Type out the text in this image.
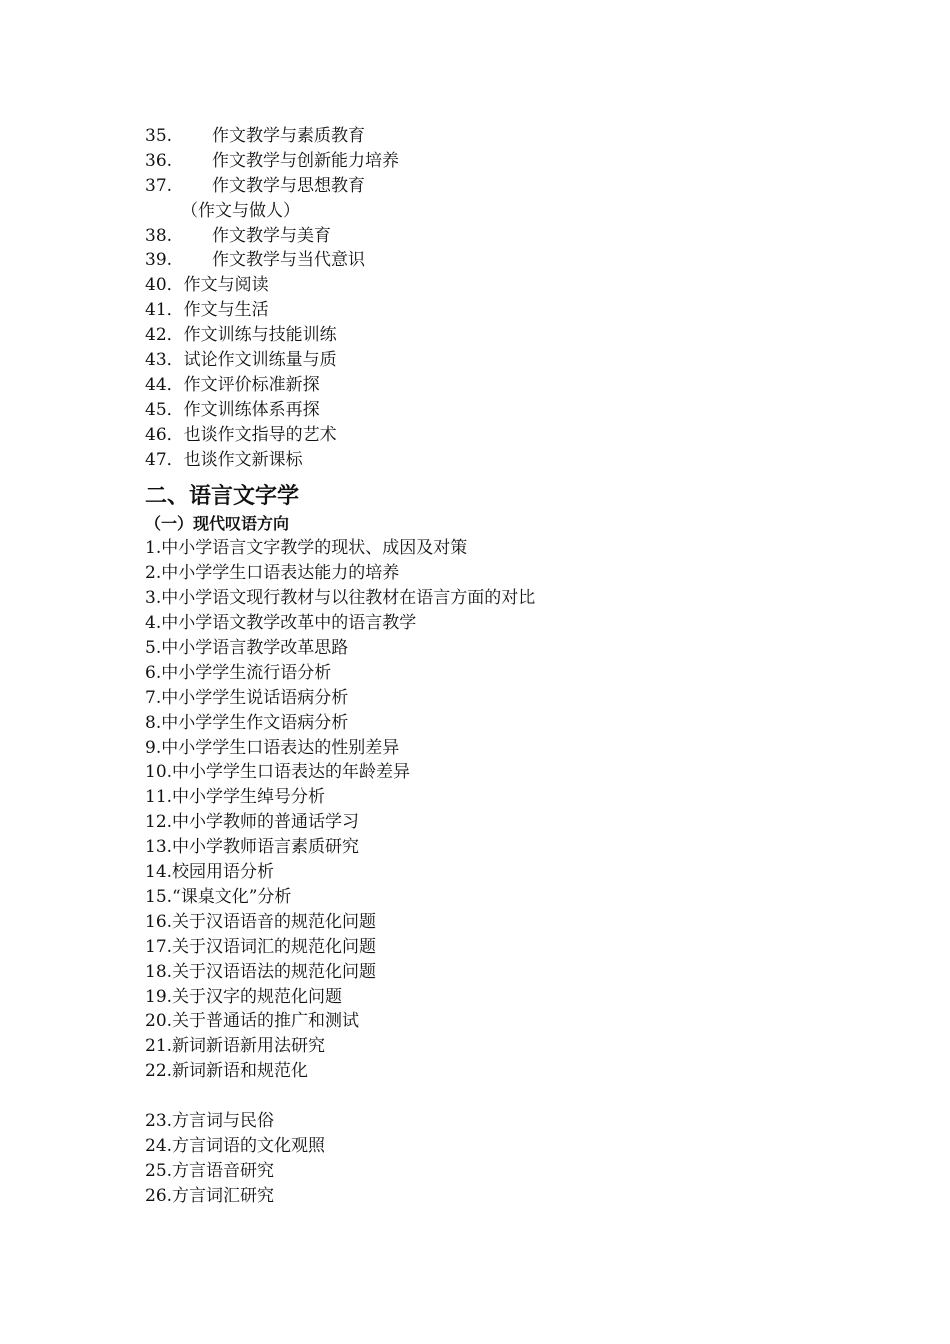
35. 作文教学与素质教育
36. 作文教学与创新能力培养
37. 作文教学与思想教育
（作文与做人）
38. 作文教学与美育
39. 作文教学与当代意识
40．作文与阅读
41．作文与生活
42．作文训练与技能训练
43．试论作文训练量与质
44．作文评价标准新探
45．作文训练体系再探
46．也谈作文指导的艺术
47．也谈作文新课标
二、语言文字学
（一）现代叹语方向
1.中小学语言文字教学的现状、成因及对策
2.中小学学生口语表达能力的培养
3.中小学语文现行教材与以往教材在语言方面的对比
4.中小学语文教学改革中的语言教学
5.中小学语言教学改革思路
6.中小学学生流行语分析
7.中小学学生说话语病分析
8.中小学学生作文语病分析
9.中小学学生口语表达的性别差异
10.中小学学生口语表达的年龄差异
11.中小学学生绰号分析
12.中小学教师的普通话学习
13.中小学教师语言素质研究
14.校园用语分析
15.“课桌文化”分析
16.关于汉语语音的规范化问题
17.关于汉语词汇的规范化问题
18.关于汉语语法的规范化问题
19.关于汉字的规范化问题
20.关于普通话的推广和测试
21.新词新语新用法研究
22.新词新语和规范化
23.方言词与民俗
24.方言词语的文化观照
25.方言语音研究
26.方言词汇研究
